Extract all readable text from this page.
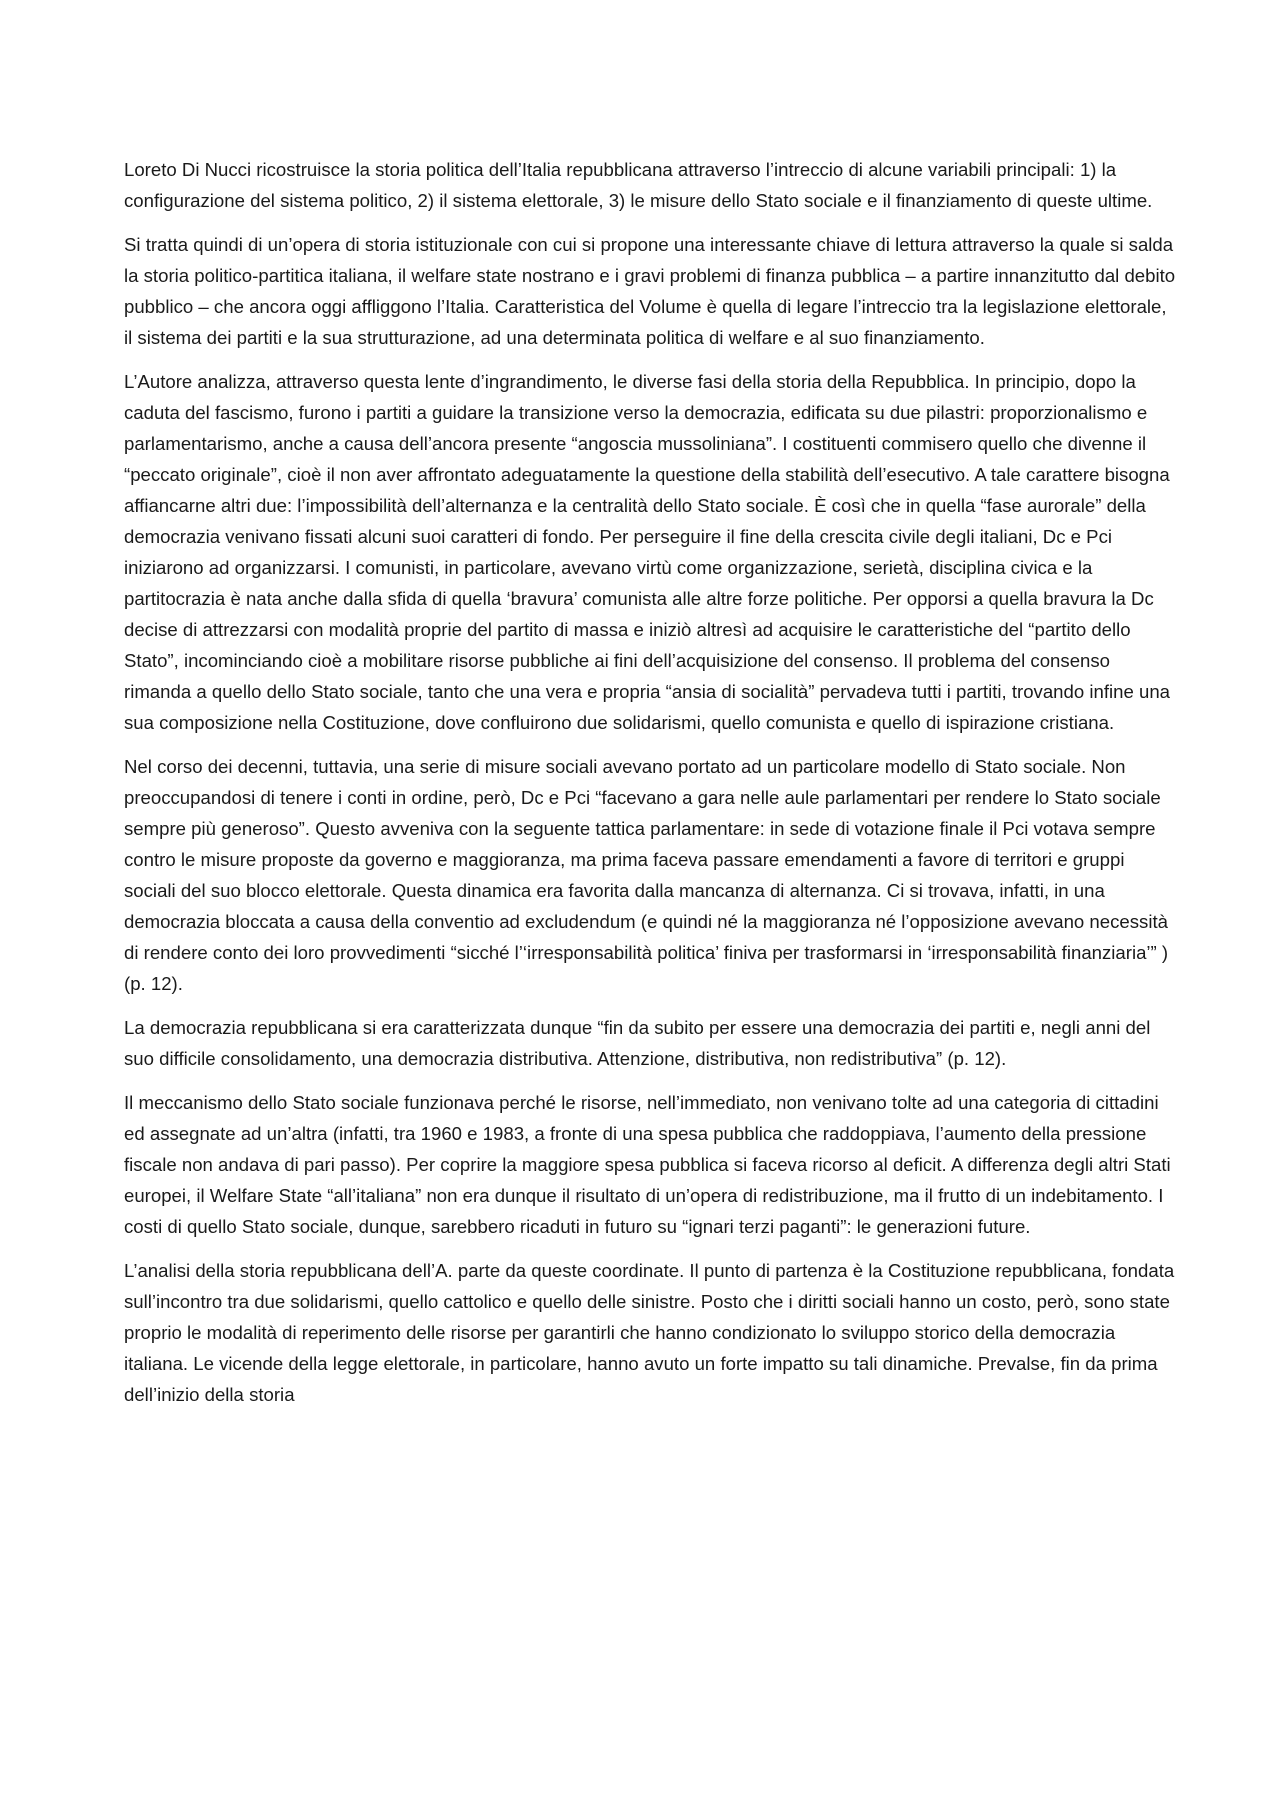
Loreto Di Nucci ricostruisce la storia politica dell’Italia repubblicana attraverso l’intreccio di alcune variabili principali: 1) la configurazione del sistema politico, 2) il sistema elettorale, 3) le misure dello Stato sociale e il finanziamento di queste ultime.

Si tratta quindi di un’opera di storia istituzionale con cui si propone una interessante chiave di lettura attraverso la quale si salda la storia politico-partitica italiana, il welfare state nostrano e i gravi problemi di finanza pubblica – a partire innanzitutto dal debito pubblico – che ancora oggi affliggono l’Italia. Caratteristica del Volume è quella di legare l’intreccio tra la legislazione elettorale, il sistema dei partiti e la sua strutturazione, ad una determinata politica di welfare e al suo finanziamento.

L’Autore analizza, attraverso questa lente d’ingrandimento, le diverse fasi della storia della Repubblica. In principio, dopo la caduta del fascismo, furono i partiti a guidare la transizione verso la democrazia, edificata su due pilastri: proporzionalismo e parlamentarismo, anche a causa dell’ancora presente “angoscia mussoliniana”. I costituenti commisero quello che divenne il “peccato originale”, cioè il non aver affrontato adeguatamente la questione della stabilità dell’esecutivo. A tale carattere bisogna affiancarne altri due: l’impossibilità dell’alternanza e la centralità dello Stato sociale. È così che in quella “fase aurorale” della democrazia venivano fissati alcuni suoi caratteri di fondo. Per perseguire il fine della crescita civile degli italiani, Dc e Pci iniziarono ad organizzarsi. I comunisti, in particolare, avevano virtù come organizzazione, serietà, disciplina civica e la partitocrazia è nata anche dalla sfida di quella ‘bravura’ comunista alle altre forze politiche. Per opporsi a quella bravura la Dc decise di attrezzarsi con modalità proprie del partito di massa e iniziò altresì ad acquisire le caratteristiche del “partito dello Stato”, incominciando cioè a mobilitare risorse pubbliche ai fini dell’acquisizione del consenso. Il problema del consenso rimanda a quello dello Stato sociale, tanto che una vera e propria “ansia di socialità” pervadeva tutti i partiti, trovando infine una sua composizione nella Costituzione, dove confluirono due solidarismi, quello comunista e quello di ispirazione cristiana.

Nel corso dei decenni, tuttavia, una serie di misure sociali avevano portato ad un particolare modello di Stato sociale. Non preoccupandosi di tenere i conti in ordine, però, Dc e Pci “facevano a gara nelle aule parlamentari per rendere lo Stato sociale sempre più generoso”. Questo avveniva con la seguente tattica parlamentare: in sede di votazione finale il Pci votava sempre contro le misure proposte da governo e maggioranza, ma prima faceva passare emendamenti a favore di territori e gruppi sociali del suo blocco elettorale. Questa dinamica era favorita dalla mancanza di alternanza. Ci si trovava, infatti, in una democrazia bloccata a causa della conventio ad excludendum (e quindi né la maggioranza né l’opposizione avevano necessità di rendere conto dei loro provvedimenti “sicché l’‘irresponsabilità politica’ finiva per trasformarsi in ‘irresponsabilità finanziaria’” ) (p. 12).

La democrazia repubblicana si era caratterizzata dunque “fin da subito per essere una democrazia dei partiti e, negli anni del suo difficile consolidamento, una democrazia distributiva. Attenzione, distributiva, non redistributiva” (p. 12).

Il meccanismo dello Stato sociale funzionava perché le risorse, nell’immediato, non venivano tolte ad una categoria di cittadini ed assegnate ad un’altra (infatti, tra 1960 e 1983, a fronte di una spesa pubblica che raddoppiava, l’aumento della pressione fiscale non andava di pari passo). Per coprire la maggiore spesa pubblica si faceva ricorso al deficit. A differenza degli altri Stati europei, il Welfare State “all’italiana” non era dunque il risultato di un’opera di redistribuzione, ma il frutto di un indebitamento. I costi di quello Stato sociale, dunque, sarebbero ricaduti in futuro su “ignari terzi paganti”: le generazioni future.

L’analisi della storia repubblicana dell’A. parte da queste coordinate. Il punto di partenza è la Costituzione repubblicana, fondata sull’incontro tra due solidarismi, quello cattolico e quello delle sinistre. Posto che i diritti sociali hanno un costo, però, sono state proprio le modalità di reperimento delle risorse per garantirli che hanno condizionato lo sviluppo storico della democrazia italiana. Le vicende della legge elettorale, in particolare, hanno avuto un forte impatto su tali dinamiche. Prevalse, fin da prima dell’inizio della storia
